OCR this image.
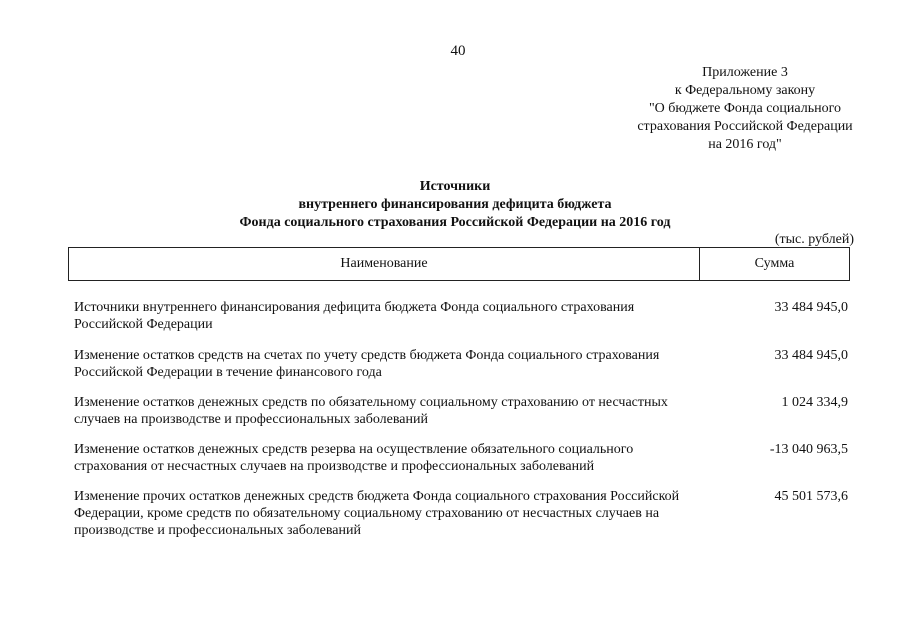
40
Приложение 3
к Федеральному закону
"О бюджете Фонда социального
страхования Российской Федерации
на 2016 год"
Источники
внутреннего финансирования дефицита бюджета
Фонда социального страхования Российской Федерации на 2016 год
(тыс. рублей)
Наименование	Сумма
Источники внутреннего финансирования дефицита бюджета Фонда социального страхования Российской Федерации
33 484 945,0
Изменение остатков средств на счетах по учету средств бюджета Фонда социального страхования Российской Федерации в течение финансового года
33 484 945,0
Изменение остатков денежных средств по обязательному социальному страхованию от несчастных случаев на производстве и профессиональных заболеваний
1 024 334,9
Изменение остатков денежных средств резерва на осуществление обязательного социального страхования от несчастных случаев на производстве и профессиональных заболеваний
-13 040 963,5
Изменение прочих остатков денежных средств бюджета Фонда социального страхования Российской Федерации, кроме средств по обязательному социальному страхованию от несчастных случаев на производстве и профессиональных заболеваний
45 501 573,6
